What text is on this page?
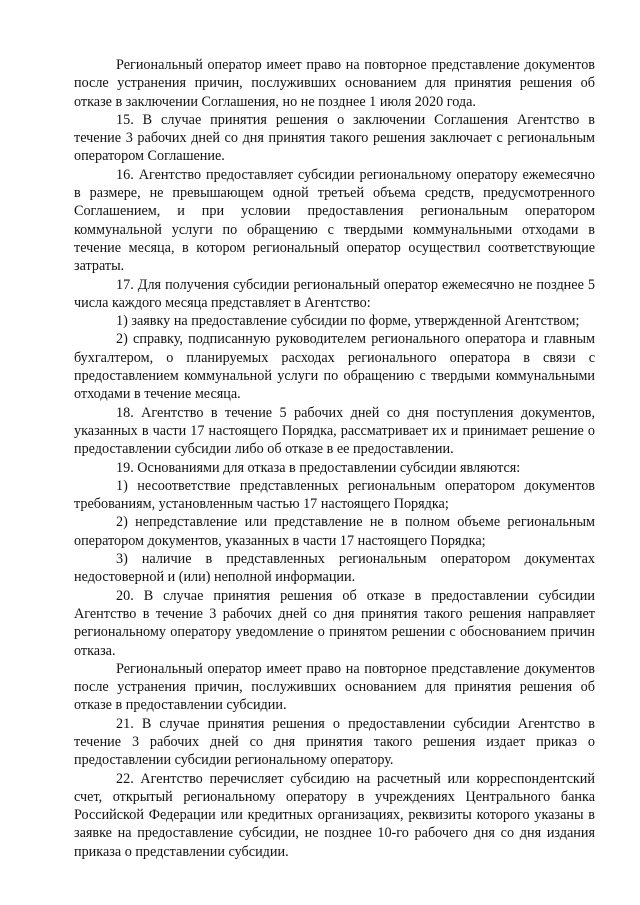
Региональный оператор имеет право на повторное представление документов после устранения причин, послуживших основанием для принятия решения об отказе в заключении Соглашения, но не позднее 1 июля 2020 года.

15. В случае принятия решения о заключении Соглашения Агентство в течение 3 рабочих дней со дня принятия такого решения заключает с региональным оператором Соглашение.

16. Агентство предоставляет субсидии региональному оператору ежемесячно в размере, не превышающем одной третьей объема средств, предусмотренного Соглашением, и при условии предоставления региональным оператором коммунальной услуги по обращению с твердыми коммунальными отходами в течение месяца, в котором региональный оператор осуществил соответствующие затраты.

17. Для получения субсидии региональный оператор ежемесячно не позднее 5 числа каждого месяца представляет в Агентство:

1) заявку на предоставление субсидии по форме, утвержденной Агентством;

2) справку, подписанную руководителем регионального оператора и главным бухгалтером, о планируемых расходах регионального оператора в связи с предоставлением коммунальной услуги по обращению с твердыми коммунальными отходами в течение месяца.

18. Агентство в течение 5 рабочих дней со дня поступления документов, указанных в части 17 настоящего Порядка, рассматривает их и принимает решение о предоставлении субсидии либо об отказе в ее предоставлении.

19. Основаниями для отказа в предоставлении субсидии являются:

1) несоответствие представленных региональным оператором документов требованиям, установленным частью 17 настоящего Порядка;

2) непредставление или представление не в полном объеме региональным оператором документов, указанных в части 17 настоящего Порядка;

3) наличие в представленных региональным оператором документах недостоверной и (или) неполной информации.

20. В случае принятия решения об отказе в предоставлении субсидии Агентство в течение 3 рабочих дней со дня принятия такого решения направляет региональному оператору уведомление о принятом решении с обоснованием причин отказа.

Региональный оператор имеет право на повторное представление документов после устранения причин, послуживших основанием для принятия решения об отказе в предоставлении субсидии.

21. В случае принятия решения о предоставлении субсидии Агентство в течение 3 рабочих дней со дня принятия такого решения издает приказ о предоставлении субсидии региональному оператору.

22. Агентство перечисляет субсидию на расчетный или корреспондентский счет, открытый региональному оператору в учреждениях Центрального банка Российской Федерации или кредитных организациях, реквизиты которого указаны в заявке на предоставление субсидии, не позднее 10-го рабочего дня со дня издания приказа о представлении субсидии.
